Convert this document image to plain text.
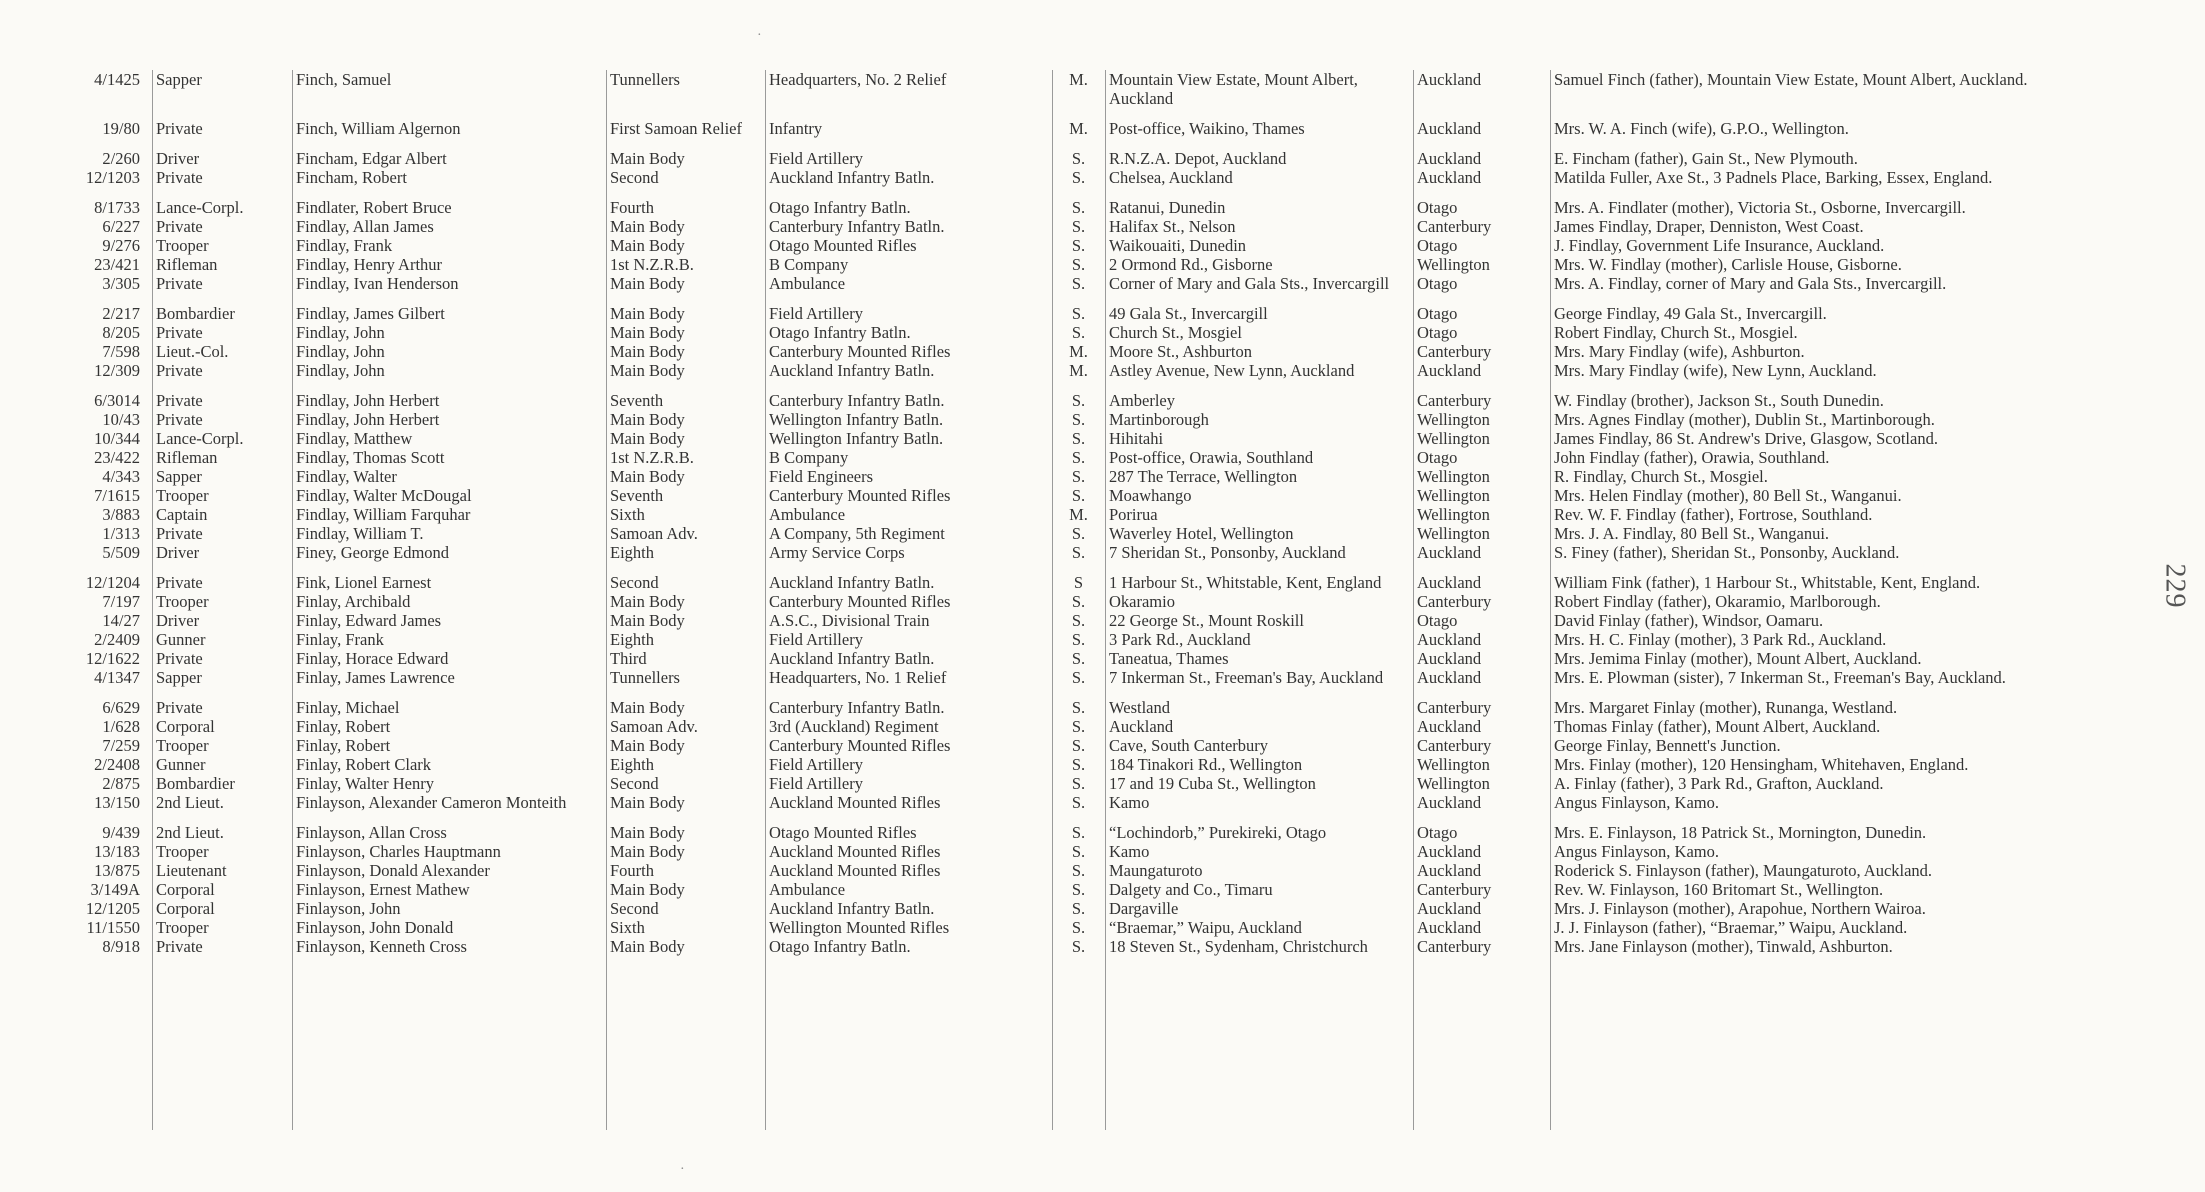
4/1425	Sapper	Finch, Samuel	Tunnellers	Headquarters, No. 2 Relief	M.	Mountain View Estate, Mount Albert, Auckland	Auckland	Samuel Finch (father), Mountain View Estate, Mount Albert, Auckland.
19/80	Private	Finch, William Algernon	First Samoan Relief	Infantry	M.	Post-office, Waikino, Thames	Auckland	Mrs. W. A. Finch (wife), G.P.O., Wellington.
2/260	Driver	Fincham, Edgar Albert	Main Body	Field Artillery	S.	R.N.Z.A. Depot, Auckland	Auckland	E. Fincham (father), Gain St., New Plymouth.
12/1203	Private	Fincham, Robert	Second	Auckland Infantry Batln.	S.	Chelsea, Auckland	Auckland	Matilda Fuller, Axe St., 3 Padnels Place, Barking, Essex, England.
8/1733	Lance-Corpl.	Findlater, Robert Bruce	Fourth	Otago Infantry Batln.	S.	Ratanui, Dunedin	Otago	Mrs. A. Findlater (mother), Victoria St., Osborne, Invercargill.
6/227	Private	Findlay, Allan James	Main Body	Canterbury Infantry Batln.	S.	Halifax St., Nelson	Canterbury	James Findlay, Draper, Denniston, West Coast.
9/276	Trooper	Findlay, Frank	Main Body	Otago Mounted Rifles	S.	Waikouaiti, Dunedin	Otago	J. Findlay, Government Life Insurance, Auckland.
23/421	Rifleman	Findlay, Henry Arthur	1st N.Z.R.B.	B Company	S.	2 Ormond Rd., Gisborne	Wellington	Mrs. W. Findlay (mother), Carlisle House, Gisborne.
3/305	Private	Findlay, Ivan Henderson	Main Body	Ambulance	S.	Corner of Mary and Gala Sts., Invercargill	Otago	Mrs. A. Findlay, corner of Mary and Gala Sts., Invercargill.
2/217	Bombardier	Findlay, James Gilbert	Main Body	Field Artillery	S.	49 Gala St., Invercargill	Otago	George Findlay, 49 Gala St., Invercargill.
8/205	Private	Findlay, John	Main Body	Otago Infantry Batln.	S.	Church St., Mosgiel	Otago	Robert Findlay, Church St., Mosgiel.
7/598	Lieut.-Col.	Findlay, John	Main Body	Canterbury Mounted Rifles	M.	Moore St., Ashburton	Canterbury	Mrs. Mary Findlay (wife), Ashburton.
12/309	Private	Findlay, John	Main Body	Auckland Infantry Batln.	M.	Astley Avenue, New Lynn, Auckland	Auckland	Mrs. Mary Findlay (wife), New Lynn, Auckland.
6/3014	Private	Findlay, John Herbert	Seventh	Canterbury Infantry Batln.	S.	Amberley	Canterbury	W. Findlay (brother), Jackson St., South Dunedin.
10/43	Private	Findlay, John Herbert	Main Body	Wellington Infantry Batln.	S.	Martinborough	Wellington	Mrs. Agnes Findlay (mother), Dublin St., Martinborough.
10/344	Lance-Corpl.	Findlay, Matthew	Main Body	Wellington Infantry Batln.	S.	Hihitahi	Wellington	James Findlay, 86 St. Andrew's Drive, Glasgow, Scotland.
23/422	Rifleman	Findlay, Thomas Scott	1st N.Z.R.B.	B Company	S.	Post-office, Orawia, Southland	Otago	John Findlay (father), Orawia, Southland.
4/343	Sapper	Findlay, Walter	Main Body	Field Engineers	S.	287 The Terrace, Wellington	Wellington	R. Findlay, Church St., Mosgiel.
7/1615	Trooper	Findlay, Walter McDougal	Seventh	Canterbury Mounted Rifles	S.	Moawhango	Wellington	Mrs. Helen Findlay (mother), 80 Bell St., Wanganui.
3/883	Captain	Findlay, William Farquhar	Sixth	Ambulance	M.	Porirua	Wellington	Rev. W. F. Findlay (father), Fortrose, Southland.
1/313	Private	Findlay, William T.	Samoan Adv.	A Company, 5th Regiment	S.	Waverley Hotel, Wellington	Wellington	Mrs. J. A. Findlay, 80 Bell St., Wanganui.
5/509	Driver	Finey, George Edmond	Eighth	Army Service Corps	S.	7 Sheridan St., Ponsonby, Auckland	Auckland	S. Finey (father), Sheridan St., Ponsonby, Auckland.
12/1204	Private	Fink, Lionel Earnest	Second	Auckland Infantry Batln.	S	1 Harbour St., Whitstable, Kent, England	Auckland	William Fink (father), 1 Harbour St., Whitstable, Kent, England.
7/197	Trooper	Finlay, Archibald	Main Body	Canterbury Mounted Rifles	S.	Okaramio	Canterbury	Robert Findlay (father), Okaramio, Marlborough.
14/27	Driver	Finlay, Edward James	Main Body	A.S.C., Divisional Train	S.	22 George St., Mount Roskill	Otago	David Finlay (father), Windsor, Oamaru.
2/2409	Gunner	Finlay, Frank	Eighth	Field Artillery	S.	3 Park Rd., Auckland	Auckland	Mrs. H. C. Finlay (mother), 3 Park Rd., Auckland.
12/1622	Private	Finlay, Horace Edward	Third	Auckland Infantry Batln.	S.	Taneatua, Thames	Auckland	Mrs. Jemima Finlay (mother), Mount Albert, Auckland.
4/1347	Sapper	Finlay, James Lawrence	Tunnellers	Headquarters, No. 1 Relief	S.	7 Inkerman St., Freeman's Bay, Auckland	Auckland	Mrs. E. Plowman (sister), 7 Inkerman St., Freeman's Bay, Auckland.
6/629	Private	Finlay, Michael	Main Body	Canterbury Infantry Batln.	S.	Westland	Canterbury	Mrs. Margaret Finlay (mother), Runanga, Westland.
1/628	Corporal	Finlay, Robert	Samoan Adv.	3rd (Auckland) Regiment	S.	Auckland	Auckland	Thomas Finlay (father), Mount Albert, Auckland.
7/259	Trooper	Finlay, Robert	Main Body	Canterbury Mounted Rifles	S.	Cave, South Canterbury	Canterbury	George Finlay, Bennett's Junction.
2/2408	Gunner	Finlay, Robert Clark	Eighth	Field Artillery	S.	184 Tinakori Rd., Wellington	Wellington	Mrs. Finlay (mother), 120 Hensingham, Whitehaven, England.
2/875	Bombardier	Finlay, Walter Henry	Second	Field Artillery	S.	17 and 19 Cuba St., Wellington	Wellington	A. Finlay (father), 3 Park Rd., Grafton, Auckland.
13/150	2nd Lieut.	Finlayson, Alexander Cameron Monteith	Main Body	Auckland Mounted Rifles	S.	Kamo	Auckland	Angus Finlayson, Kamo.
9/439	2nd Lieut.	Finlayson, Allan Cross	Main Body	Otago Mounted Rifles	S.	“Lochindorb,” Purekireki, Otago	Otago	Mrs. E. Finlayson, 18 Patrick St., Mornington, Dunedin.
13/183	Trooper	Finlayson, Charles Hauptmann	Main Body	Auckland Mounted Rifles	S.	Kamo	Auckland	Angus Finlayson, Kamo.
13/875	Lieutenant	Finlayson, Donald Alexander	Fourth	Auckland Mounted Rifles	S.	Maungaturoto	Auckland	Roderick S. Finlayson (father), Maungaturoto, Auckland.
3/149A	Corporal	Finlayson, Ernest Mathew	Main Body	Ambulance	S.	Dalgety and Co., Timaru	Canterbury	Rev. W. Finlayson, 160 Britomart St., Wellington.
12/1205	Corporal	Finlayson, John	Second	Auckland Infantry Batln.	S.	Dargaville	Auckland	Mrs. J. Finlayson (mother), Arapohue, Northern Wairoa.
11/1550	Trooper	Finlayson, John Donald	Sixth	Wellington Mounted Rifles	S.	“Braemar,” Waipu, Auckland	Auckland	J. J. Finlayson (father), “Braemar,” Waipu, Auckland.
8/918	Private	Finlayson, Kenneth Cross	Main Body	Otago Infantry Batln.	S.	18 Steven St., Sydenham, Christchurch	Canterbury	Mrs. Jane Finlayson (mother), Tinwald, Ashburton.
229
·
·
